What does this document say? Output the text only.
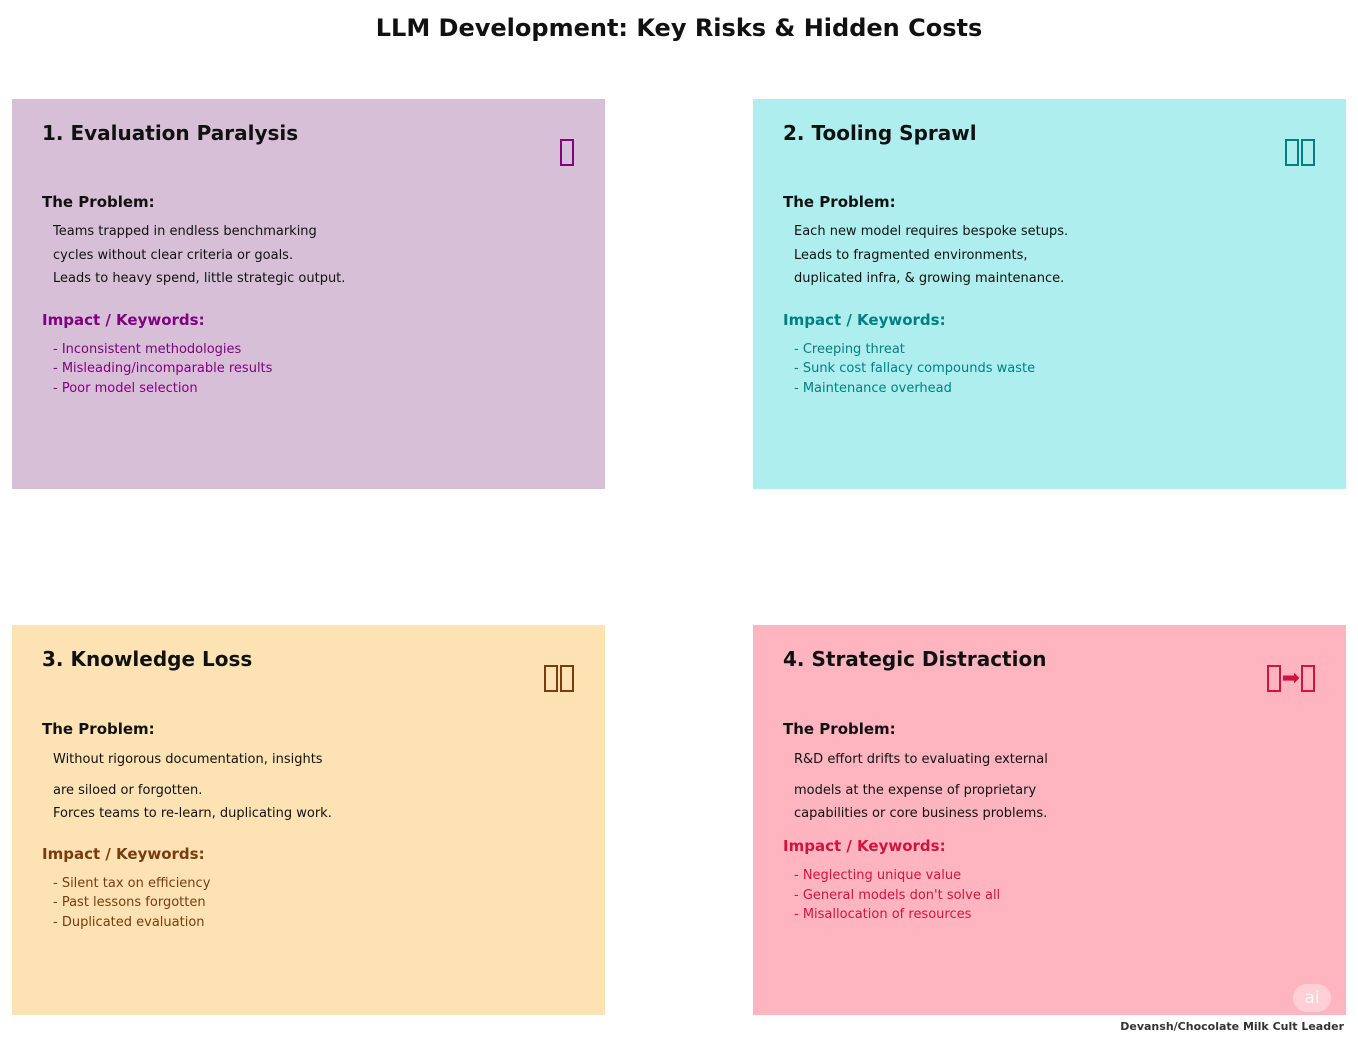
LLM Development: Key Risks & Hidden Costs
1. Evaluation Paralysis
The Problem:
Teams trapped in endless benchmarking
cycles without clear criteria or goals.
Leads to heavy spend, little strategic output.
Impact / Keywords:
- Inconsistent methodologies
- Misleading/incomparable results
- Poor model selection
2. Tooling Sprawl
The Problem:
Each new model requires bespoke setups.
Leads to fragmented environments,
duplicated infra, & growing maintenance.
Impact / Keywords:
- Creeping threat
- Sunk cost fallacy compounds waste
- Maintenance overhead
3. Knowledge Loss
The Problem:
Without rigorous documentation, insights
are siloed or forgotten.
Forces teams to re-learn, duplicating work.
Impact / Keywords:
- Silent tax on efficiency
- Past lessons forgotten
- Duplicated evaluation
4. Strategic Distraction
➡
The Problem:
R&D effort drifts to evaluating external
models at the expense of proprietary
capabilities or core business problems.
Impact / Keywords:
- Neglecting unique value
- General models don't solve all
- Misallocation of resources
ai
Devansh/Chocolate Milk Cult Leader
